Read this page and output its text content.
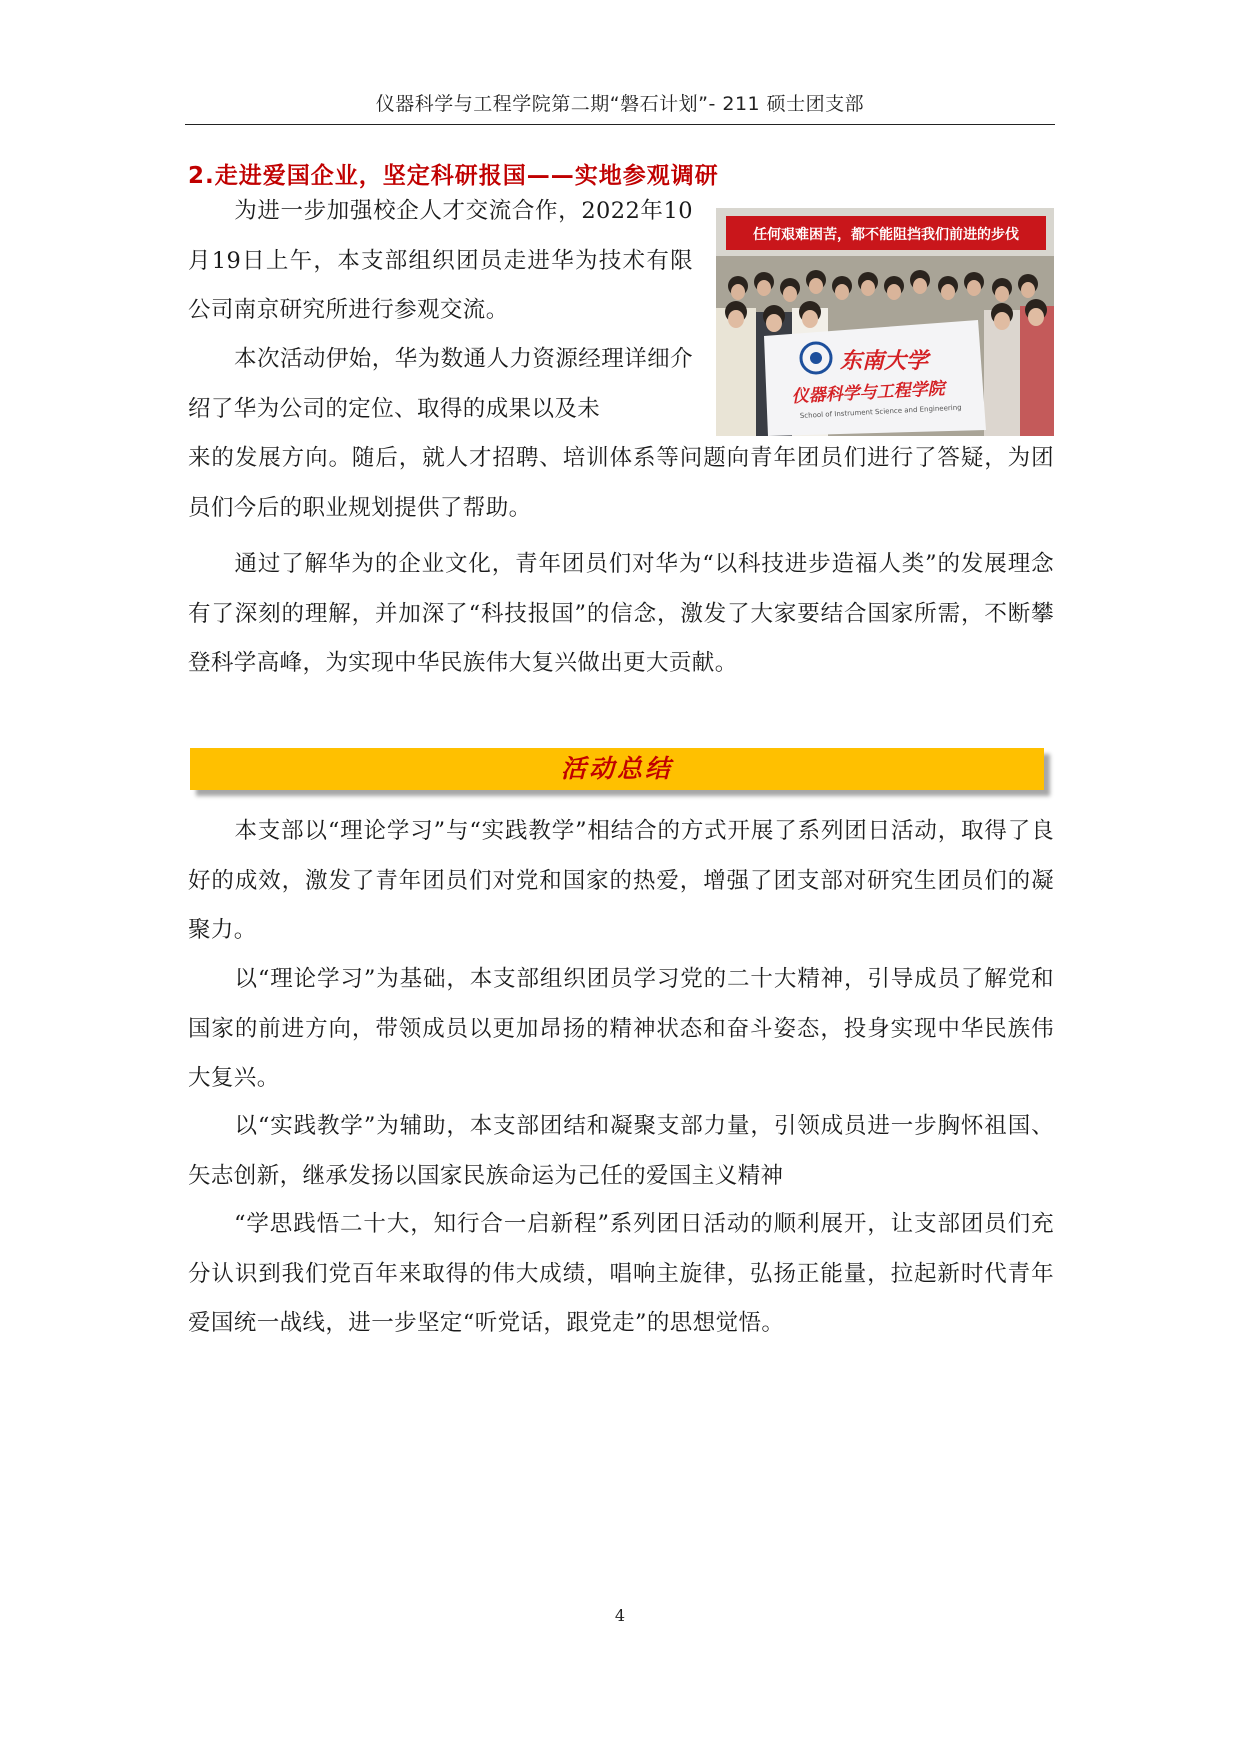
仪器科学与工程学院第二期“磐石计划”- 211 硕士团支部
2.走进爱国企业，坚定科研报国——实地参观调研

为进一步加强校企人才交流合作，2022年10月19日上午，本支部组织团员走进华为技术有限公司南京研究所进行参观交流。

本次活动伊始，华为数通人力资源经理详细介绍了华为公司的定位、取得的成果以及未

来的发展方向。随后，就人才招聘、培训体系等问题向青年团员们进行了答疑，为团员们今后的职业规划提供了帮助。

通过了解华为的企业文化，青年团员们对华为“以科技进步造福人类”的发展理念有了深刻的理解，并加深了“科技报国”的信念，激发了大家要结合国家所需，不断攀登科学高峰，为实现中华民族伟大复兴做出更大贡献。

任何艰难困苦，都不能阻挡我们前进的步伐
东南大学
仪器科学与工程学院
School of Instrument Science and Engineering
活动总结

本支部以“理论学习”与“实践教学”相结合的方式开展了系列团日活动，取得了良好的成效，激发了青年团员们对党和国家的热爱，增强了团支部对研究生团员们的凝聚力。

以“理论学习”为基础，本支部组织团员学习党的二十大精神，引导成员了解党和国家的前进方向，带领成员以更加昂扬的精神状态和奋斗姿态，投身实现中华民族伟大复兴。

以“实践教学”为辅助，本支部团结和凝聚支部力量，引领成员进一步胸怀祖国、矢志创新，继承发扬以国家民族命运为己任的爱国主义精神

“学思践悟二十大，知行合一启新程”系列团日活动的顺利展开，让支部团员们充分认识到我们党百年来取得的伟大成绩，唱响主旋律，弘扬正能量，拉起新时代青年爱国统一战线，进一步坚定“听党话，跟党走”的思想觉悟。

4
